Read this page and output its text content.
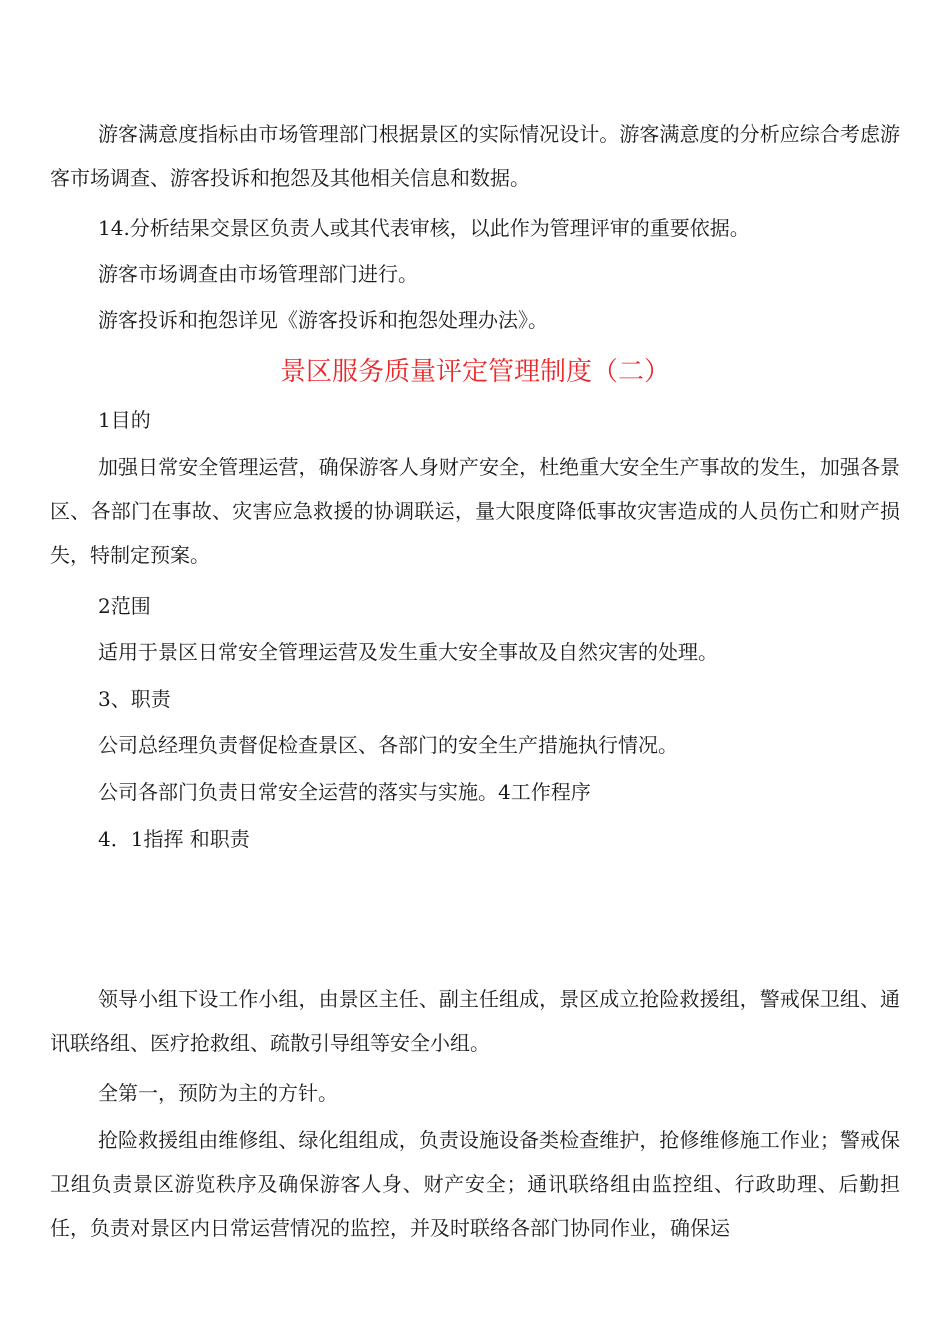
游客满意度指标由市场管理部门根据景区的实际情况设计。游客满意度的分析应综合考虑游客市场调查、游客投诉和抱怨及其他相关信息和数据。

14.分析结果交景区负责人或其代表审核，以此作为管理评审的重要依据。

游客市场调查由市场管理部门进行。

游客投诉和抱怨详见《游客投诉和抱怨处理办法》。

景区服务质量评定管理制度（二）

1目的

加强日常安全管理运营，确保游客人身财产安全，杜绝重大安全生产事故的发生，加强各景区、各部门在事故、灾害应急救援的协调联运，量大限度降低事故灾害造成的人员伤亡和财产损失，特制定预案。

2范围

适用于景区日常安全管理运营及发生重大安全事故及自然灾害的处理。

3、职责

公司总经理负责督促检查景区、各部门的安全生产措施执行情况。

公司各部门负责日常安全运营的落实与实施。4工作程序

4．1指挥 和职责

领导小组下设工作小组，由景区主任、副主任组成，景区成立抢险救援组，警戒保卫组、通讯联络组、医疗抢救组、疏散引导组等安全小组。

全第一，预防为主的方针。

抢险救援组由维修组、绿化组组成，负责设施设备类检查维护，抢修维修施工作业；警戒保卫组负责景区游览秩序及确保游客人身、财产安全；通讯联络组由监控组、行政助理、后勤担任，负责对景区内日常运营情况的监控，并及时联络各部门协同作业，确保运
